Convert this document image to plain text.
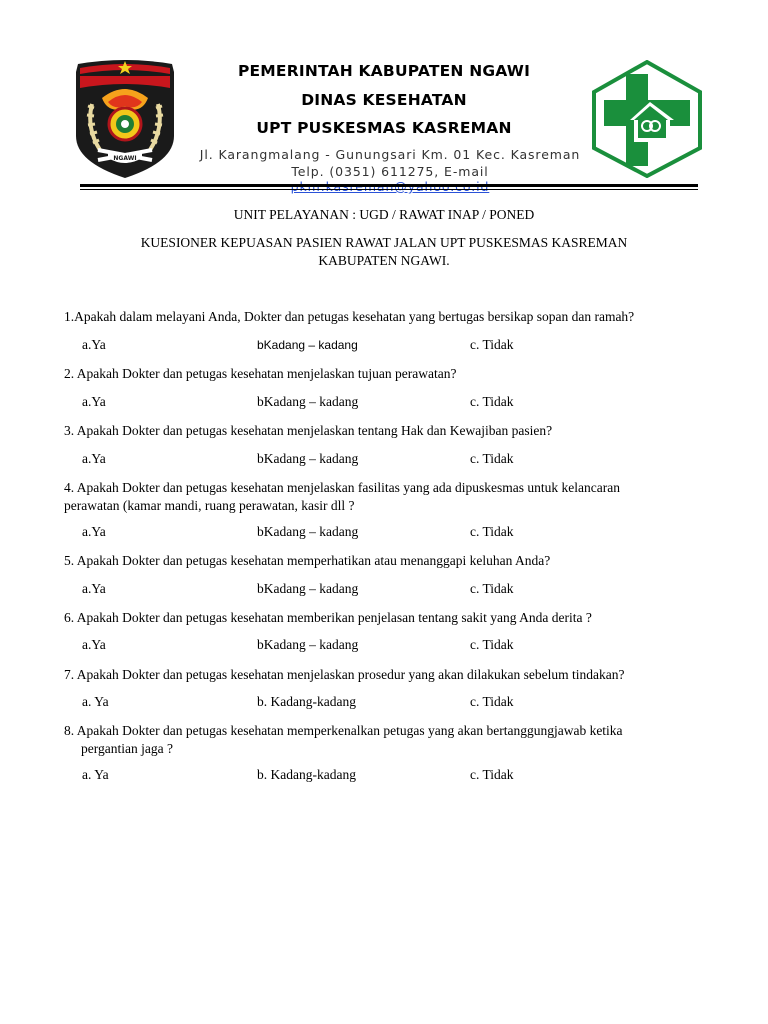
NGAWI
PEMERINTAH KABUPATEN NGAWI
DINAS KESEHATAN
UPT PUSKESMAS KASREMAN
Jl. Karangmalang - Gunungsari Km. 01 Kec. Kasreman
Telp. (0351) 611275, E-mail
UNIT PELAYANAN : UGD / RAWAT INAP / PONED
KUESIONER KEPUASAN PASIEN RAWAT JALAN UPT PUSKESMAS KASREMAN
KABUPATEN NGAWI.
1.Apakah dalam melayani Anda, Dokter dan petugas kesehatan yang bertugas bersikap sopan dan ramah?
a.Ya	bKadang – kadang	c. Tidak
2. Apakah Dokter dan petugas kesehatan menjelaskan tujuan perawatan?
a.Ya	bKadang – kadang	c. Tidak
3. Apakah Dokter dan petugas kesehatan menjelaskan tentang Hak dan Kewajiban pasien?
a.Ya	bKadang – kadang	c. Tidak
4. Apakah Dokter dan petugas kesehatan menjelaskan fasilitas yang ada dipuskesmas untuk kelancaran
perawatan (kamar mandi, ruang perawatan, kasir dll ?
a.Ya	bKadang – kadang	c. Tidak
5. Apakah Dokter dan petugas kesehatan memperhatikan atau menanggapi keluhan Anda?
a.Ya	bKadang – kadang	c. Tidak
6. Apakah Dokter dan petugas kesehatan memberikan penjelasan tentang sakit yang Anda derita ?
a.Ya	bKadang – kadang	c. Tidak
7. Apakah Dokter dan petugas kesehatan menjelaskan prosedur yang akan dilakukan sebelum tindakan?
a. Ya	b. Kadang-kadang	c. Tidak
8. Apakah Dokter dan petugas kesehatan memperkenalkan petugas yang akan bertanggungjawab ketika
pergantian jaga ?
a. Ya	b. Kadang-kadang	c. Tidak
